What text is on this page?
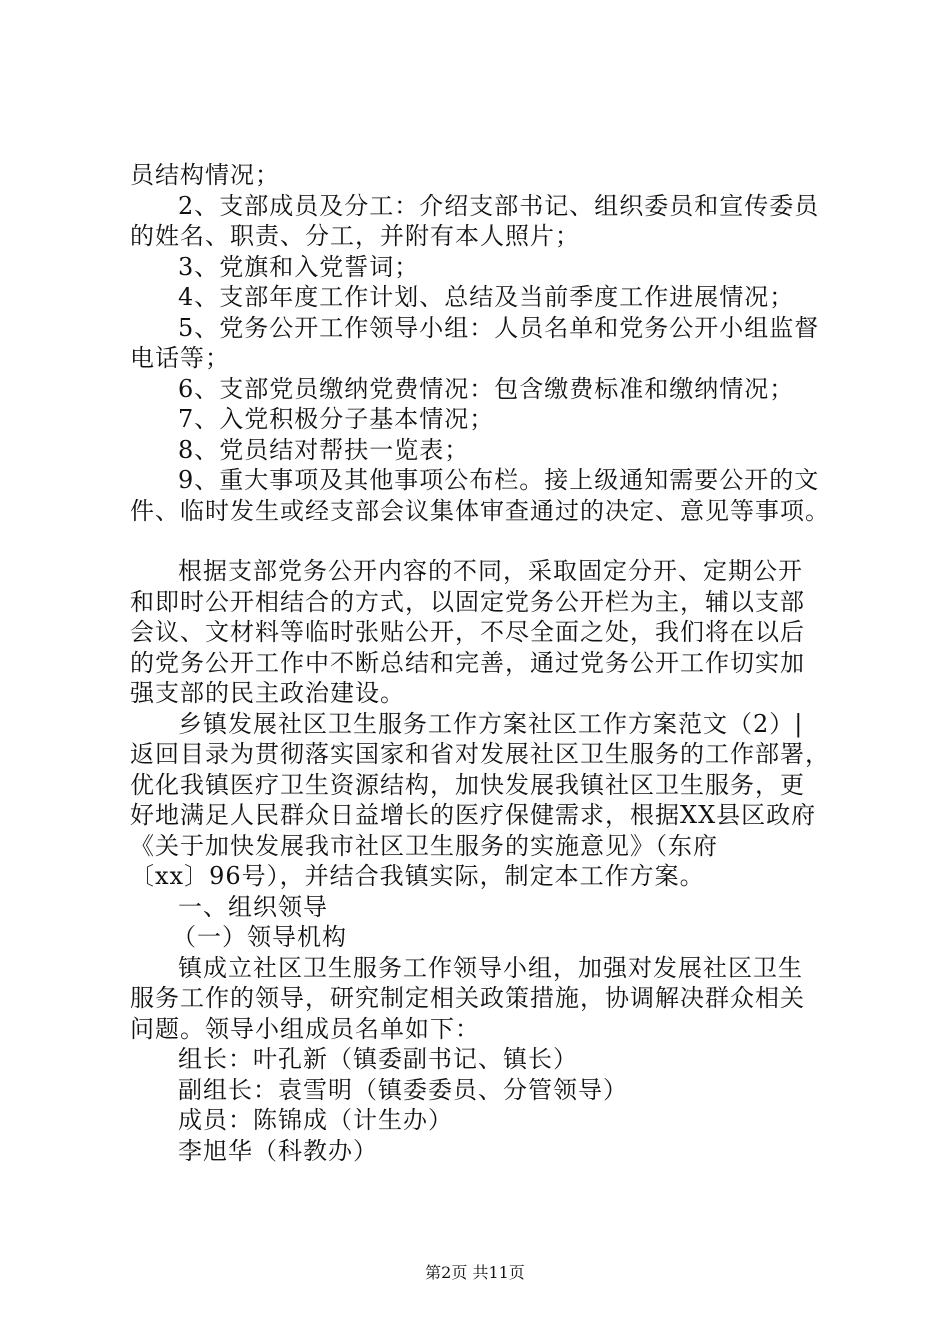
员结构情况；
2、支部成员及分工：介绍支部书记、组织委员和宣传委员
的姓名、职责、分工，并附有本人照片；
3、党旗和入党誓词；
4、支部年度工作计划、总结及当前季度工作进展情况；
5、党务公开工作领导小组：人员名单和党务公开小组监督
电话等；
6、支部党员缴纳党费情况：包含缴费标准和缴纳情况；
7、入党积极分子基本情况；
8、党员结对帮扶一览表；
9、重大事项及其他事项公布栏。接上级通知需要公开的文
件、临时发生或经支部会议集体审查通过的决定、意见等事项。
根据支部党务公开内容的不同，采取固定分开、定期公开
和即时公开相结合的方式，以固定党务公开栏为主，辅以支部
会议、文材料等临时张贴公开，不尽全面之处，我们将在以后
的党务公开工作中不断总结和完善，通过党务公开工作切实加
强支部的民主政治建设。
乡镇发展社区卫生服务工作方案社区工作方案范文（2）|
返回目录为贯彻落实国家和省对发展社区卫生服务的工作部署，
优化我镇医疗卫生资源结构，加快发展我镇社区卫生服务，更
好地满足人民群众日益增长的医疗保健需求，根据XX县区政府
《关于加快发展我市社区卫生服务的实施意见》（东府
〔xx〕96号），并结合我镇实际，制定本工作方案。
一、组织领导
（一）领导机构
镇成立社区卫生服务工作领导小组，加强对发展社区卫生
服务工作的领导，研究制定相关政策措施，协调解决群众相关
问题。领导小组成员名单如下：
组长：叶孔新（镇委副书记、镇长）
副组长：袁雪明（镇委委员、分管领导）
成员：陈锦成（计生办）
李旭华（科教办）
第2页 共11页
